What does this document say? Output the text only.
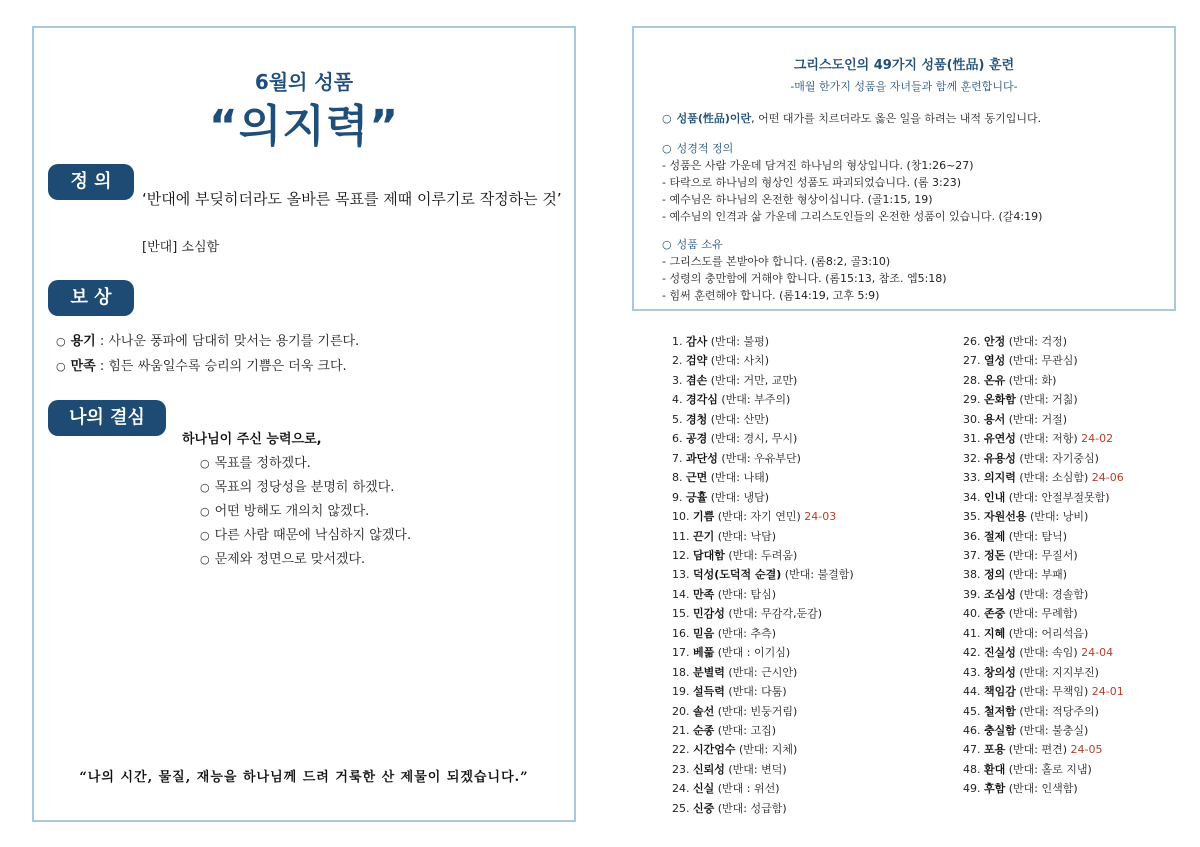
6월의 성품
“의지력”
정 의
‘반대에 부딪히더라도 올바른 목표를 제때 이루기로 작정하는 것’
[반대] 소심함
보 상
○ 용기 : 사나운 풍파에 담대히 맞서는 용기를 기른다.
○ 만족 : 힘든 싸움일수록 승리의 기쁨은 더욱 크다.
나의 결심
하나님이 주신 능력으로,
○ 목표를 정하겠다.
○ 목표의 정당성을 분명히 하겠다.
○ 어떤 방해도 개의치 않겠다.
○ 다른 사람 때문에 낙심하지 않겠다.
○ 문제와 정면으로 맞서겠다.
“나의 시간, 물질, 재능을 하나님께 드려 거룩한 산 제물이 되겠습니다.”
그리스도인의 49가지 성품(性品) 훈련
-매월 한가지 성품을 자녀들과 함께 훈련합니다-
○ 성품(性品)이란, 어떤 대가를 치르더라도 옳은 일을 하려는 내적 동기입니다.
○ 성경적 정의
- 성품은 사람 가운데 담겨진 하나님의 형상입니다. (창1:26~27)
- 타락으로 하나님의 형상인 성품도 파괴되었습니다. (롬 3:23)
- 예수님은 하나님의 온전한 형상이십니다. (골1:15, 19)
- 예수님의 인격과 삶 가운데 그리스도인들의 온전한 성품이 있습니다. (갈4:19)
○ 성품 소유
- 그리스도를 본받아야 합니다. (롬8:2, 골3:10)
- 성령의 충만함에 거해야 합니다. (롬15:13, 참조. 엡5:18)
- 힘써 훈련해야 합니다. (롬14:19, 고후 5:9)
1. 감사 (반대: 불평)
2. 검약 (반대: 사치)
3. 겸손 (반대: 거만, 교만)
4. 경각심 (반대: 부주의)
5. 경청 (반대: 산만)
6. 공경 (반대: 경시, 무시)
7. 과단성 (반대: 우유부단)
8. 근면 (반대: 나태)
9. 긍휼 (반대: 냉담)
10. 기쁨 (반대: 자기 연민) 24-03
11. 끈기 (반대: 낙담)
12. 담대함 (반대: 두려움)
13. 덕성(도덕적 순결) (반대: 불결함)
14. 만족 (반대: 탐심)
15. 민감성 (반대: 무감각,둔감)
16. 믿음 (반대: 추측)
17. 베풂 (반대 : 이기심)
18. 분별력 (반대: 근시안)
19. 설득력 (반대: 다툼)
20. 솔선 (반대: 빈둥거림)
21. 순종 (반대: 고집)
22. 시간엄수 (반대: 지체)
23. 신뢰성 (반대: 변덕)
24. 신실 (반대 : 위선)
25. 신중 (반대: 성급함)
26. 안정 (반대: 걱정)
27. 열성 (반대: 무관심)
28. 온유 (반대: 화)
29. 온화함 (반대: 거칢)
30. 용서 (반대: 거절)
31. 유연성 (반대: 저항) 24-02
32. 유용성 (반대: 자기중심)
33. 의지력 (반대: 소심함) 24-06
34. 인내 (반대: 안절부절못함)
35. 자원선용 (반대: 낭비)
36. 절제 (반대: 탐닉)
37. 정돈 (반대: 무질서)
38. 정의 (반대: 부패)
39. 조심성 (반대: 경솔함)
40. 존중 (반대: 무례함)
41. 지혜 (반대: 어리석음)
42. 진실성 (반대: 속임) 24-04
43. 창의성 (반대: 지지부진)
44. 책임감 (반대: 무책임) 24-01
45. 철저함 (반대: 적당주의)
46. 충실함 (반대: 불충실)
47. 포용 (반대: 편견) 24-05
48. 환대 (반대: 홀로 지냄)
49. 후함 (반대: 인색함)
